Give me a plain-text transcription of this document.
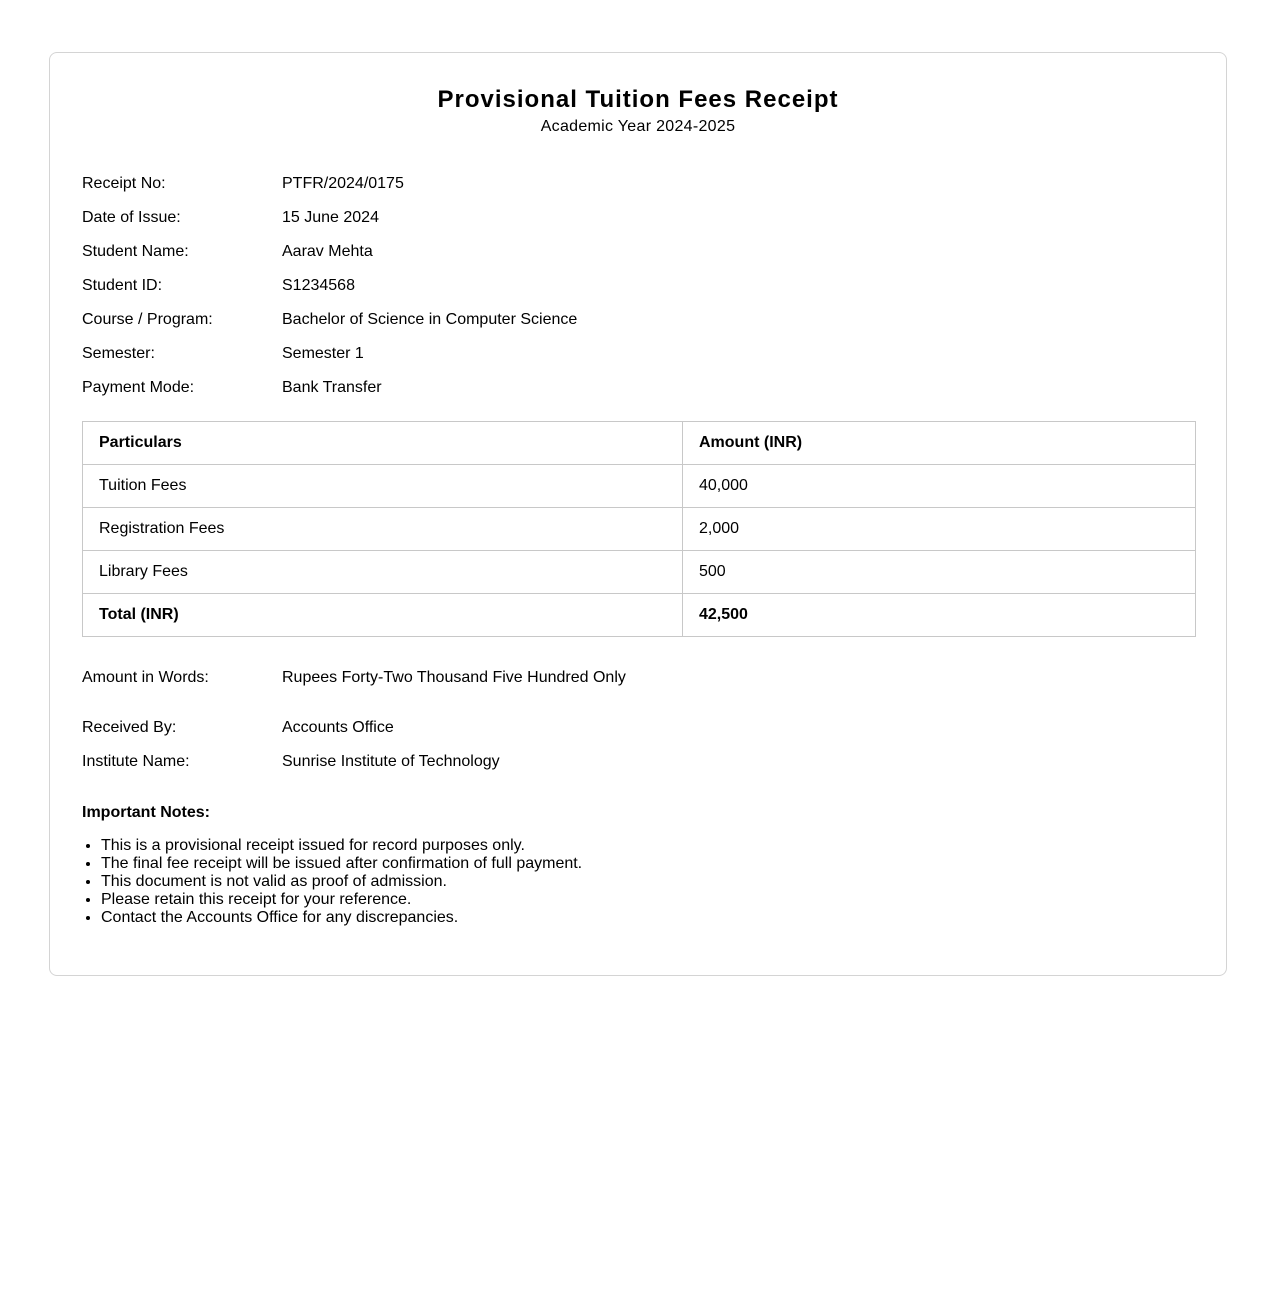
Provisional Tuition Fees Receipt
Academic Year 2024-2025
Receipt No:	PTFR/2024/0175
Date of Issue:	15 June 2024
Student Name:	Aarav Mehta
Student ID:	S1234568
Course / Program:	Bachelor of Science in Computer Science
Semester:	Semester 1
Payment Mode:	Bank Transfer
Particulars	Amount (INR)
Tuition Fees	40,000
Registration Fees	2,000
Library Fees	500
Total (INR)	42,500
Amount in Words:	Rupees Forty-Two Thousand Five Hundred Only
Received By:	Accounts Office
Institute Name:	Sunrise Institute of Technology
Important Notes:
• This is a provisional receipt issued for record purposes only.
• The final fee receipt will be issued after confirmation of full payment.
• This document is not valid as proof of admission.
• Please retain this receipt for your reference.
• Contact the Accounts Office for any discrepancies.
